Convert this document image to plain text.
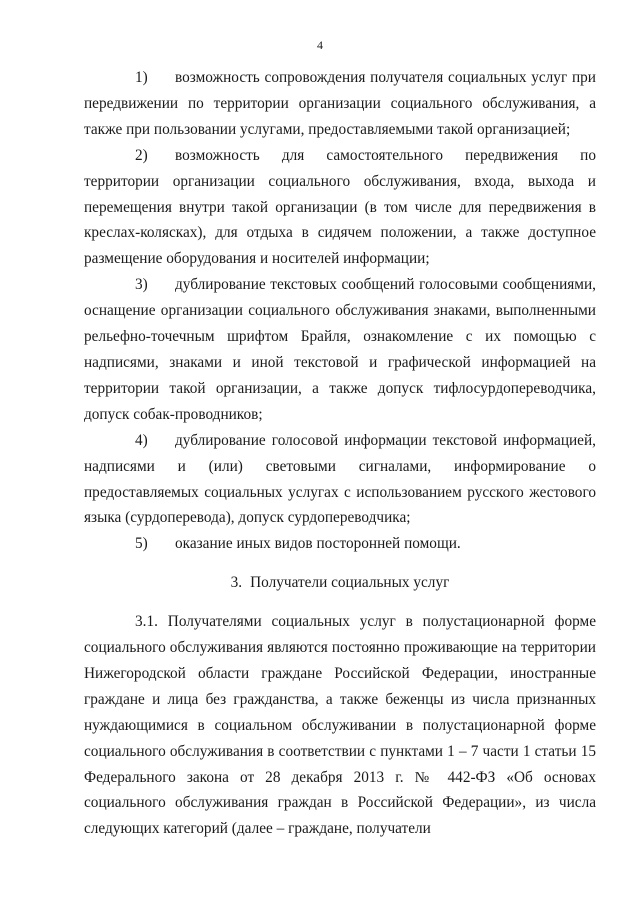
4

1) возможность сопровождения получателя социальных услуг при передвижении по территории организации социального обслуживания, а также при пользовании услугами, предоставляемыми такой организацией;

2) возможность для самостоятельного передвижения по территории организации социального обслуживания, входа, выхода и перемещения внутри такой организации (в том числе для передвижения в креслах-колясках), для отдыха в сидячем положении, а также доступное размещение оборудования и носителей информации;

3) дублирование текстовых сообщений голосовыми сообщениями, оснащение организации социального обслуживания знаками, выполненными рельефно-точечным шрифтом Брайля, ознакомление с их помощью с надписями, знаками и иной текстовой и графической информацией на территории такой организации, а также допуск тифлосурдопереводчика, допуск собак-проводников;

4) дублирование голосовой информации текстовой информацией, надписями и (или) световыми сигналами, информирование о предоставляемых социальных услугах с использованием русского жестового языка (сурдоперевода), допуск сурдопереводчика;

5) оказание иных видов посторонней помощи.

3. Получатели социальных услуг

3.1. Получателями социальных услуг в полустационарной форме социального обслуживания являются постоянно проживающие на территории Нижегородской области граждане Российской Федерации, иностранные граждане и лица без гражданства, а также беженцы из числа признанных нуждающимися в социальном обслуживании в полустационарной форме социального обслуживания в соответствии с пунктами 1 – 7 части 1 статьи 15 Федерального закона от 28 декабря 2013 г. № 442-ФЗ «Об основах социального обслуживания граждан в Российской Федерации», из числа следующих категорий (далее – граждане, получатели
